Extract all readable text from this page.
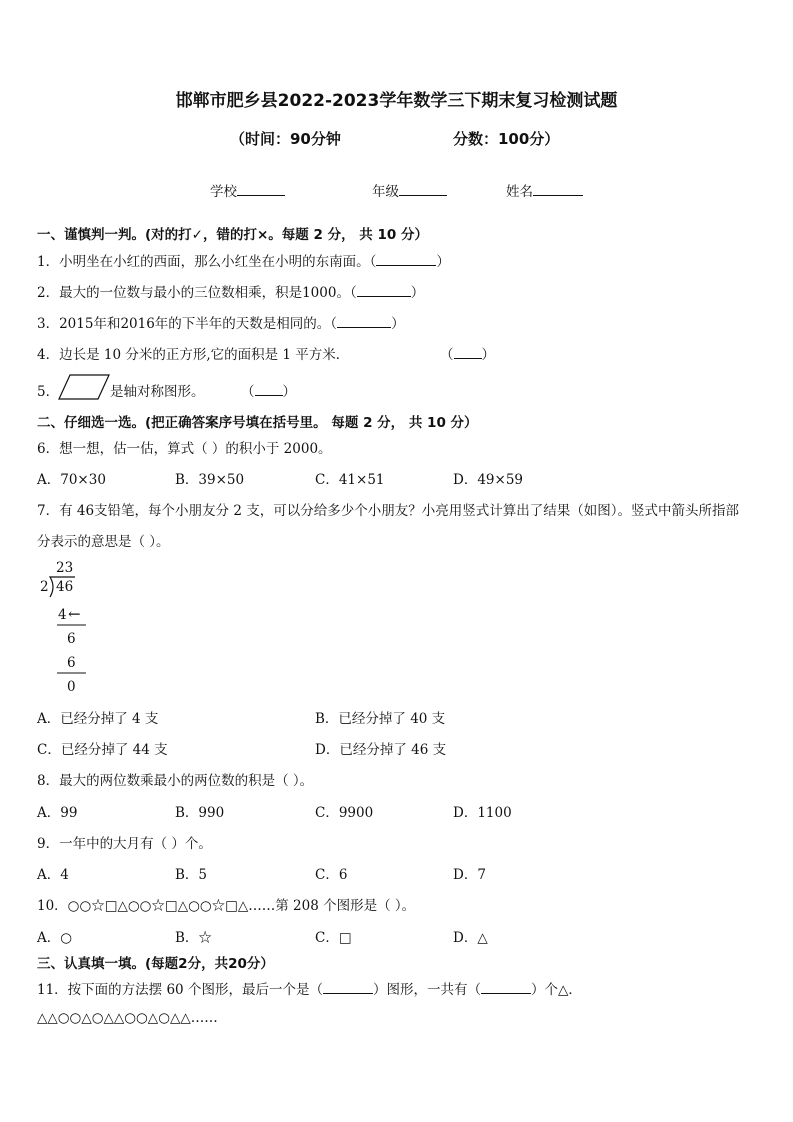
邯郸市肥乡县2022-2023学年数学三下期末复习检测试题
（时间：90分钟	分数：100分）
学校	年级	姓名
一、谨慎判一判。(对的打✓，错的打×。每题 2 分， 共 10 分）
1．小明坐在小红的西面，那么小红坐在小明的东南面。（	）
2．最大的一位数与最小的三位数相乘，积是1000。（	）
3．2015年和2016年的下半年的天数是相同的。（	）
4．边长是 10 分米的正方形,它的面积是 1 平方米．	（ ）
5．	是轴对称图形。	（ ）
二、仔细选一选。(把正确答案序号填在括号里。 每题 2 分， 共 10 分）
6．想一想，估一估，算式（ ）的积小于 2000。
A．70×30	B．39×50	C．41×51	D．49×59
7．有 46支铅笔，每个小朋友分 2 支，可以分给多少个小朋友？小亮用竖式计算出了结果（如图）。竖式中箭头所指部
分表示的意思是（ ）。
23
2 46
4 ←
6
6
0
A．已经分掉了 4 支	B．已经分掉了 40 支
C．已经分掉了 44 支	D．已经分掉了 46 支
8．最大的两位数乘最小的两位数的积是（ ）。
A．99	B．990	C．9900	D．1100
9．一年中的大月有（ ）个。
A．4	B．5	C．6	D．7
10．○○☆□△○○☆□△○○☆□△……第 208 个图形是（ ）。
A．○	B．☆	C．□	D．△
三、认真填一填。(每题2分，共20分）
11．按下面的方法摆 60 个图形，最后一个是（	）图形，一共有（	）个△．
△△○○△○△△○○△○△△……
